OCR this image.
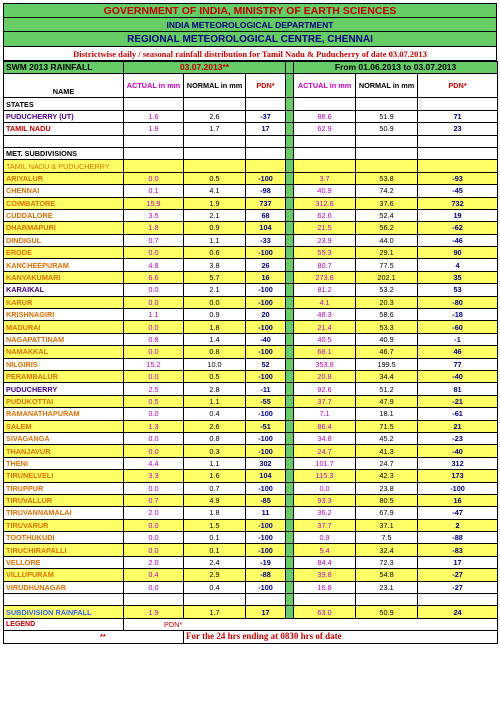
GOVERNMENT OF INDIA, MINISTRY OF EARTH SCIENCES
INDIA METEOROLOGICAL DEPARTMENT
REGIONAL METEOROLOGICAL CENTRE, CHENNAI
Districtwise daily / seasonal rainfall distribution for Tamil Nadu & Puducherry of date 03.07.2013
SWM 2013 RAINFALL	03.07.2013**				From 01.06.2013 to 03.07.2013		
NAME	ACTUAL in mm	NORMAL in mm	PDN*		ACTUAL in mm	NORMAL in mm	PDN*
STATES							
PUDUCHERRY (UT)	1.6	2.6	-37		88.6	51.9	71
TAMIL NADU	1.9	1.7	17		62.9	50.9	23

MET. SUBDIVISIONS							
TAMIL NADU & PUDUCHERRY							
ARIYALUR	0.0	0.5	-100		3.7	53.8	-93
CHENNAI	0.1	4.1	-98		40.9	74.2	-45
COIMBATORE	15.9	1.9	737		312.8	37.6	732
CUDDALORE	3.5	2.1	68		62.6	52.4	19
DHARMAPURI	1.8	0.9	104		21.5	56.2	-62
DINDIGUL	0.7	1.1	-33		23.9	44.0	-46
ERODE	0.0	0.6	-100		55.3	29.1	90
KANCHEEPURAM	4.8	3.8	26		80.7	77.5	4
KANYAKUMARI	6.6	5.7	16		273.8	202.1	35
KARAIKAL	0.0	2.1	-100		81.2	53.2	53
KARUR	0.0	0.0	-100		4.1	20.3	-80
KRISHNAGIRI	1.1	0.9	20		48.3	58.6	-18
MADURAI	0.0	1.8	-100		21.4	53.3	-60
NAGAPATTINAM	0.8	1.4	-40		40.5	40.9	-1
NAMAKKAL	0.0	0.8	-100		68.1	46.7	46
NILGIRIS	15.2	10.0	52		353.8	199.5	77
PERAMBALUR	0.0	0.5	-100		20.8	34.4	-40
PUDUCHERRY	2.5	2.8	-11		92.6	51.2	81
PUDUKOTTAI	0.5	1.1	-55		37.7	47.9	-21
RAMANATHAPURAM	0.0	0.4	-100		7.1	18.1	-61
SALEM	1.3	2.6	-51		86.4	71.5	21
SIVAGANGA	0.0	0.8	-100		34.8	45.2	-23
THANJAVUR	0.0	0.3	-100		24.7	41.3	-40
THENI	4.4	1.1	302		101.7	24.7	312
TIRUNELVELI	3.3	1.6	104		115.3	42.3	173
TIRUPPUR	0.0	0.7	-100		0.0	23.8	-100
TIRUVALLUR	0.7	4.9	-85		93.3	80.5	16
TIRUVANNAMALAI	2.0	1.8	11		36.2	67.9	-47
TIRUVARUR	0.0	1.5	-100		37.7	37.1	2
TOOTHUKUDI	0.0	0.1	-100		0.9	7.5	-88
TIRUCHIRAPALLI	0.0	0.1	-100		5.4	32.4	-83
VELLORE	2.0	2.4	-19		84.4	72.3	17
VILLUPURAM	0.4	2.9	-88		39.8	54.8	-27
VIRUDHUNAGAR	0.0	0.4	-100		16.8	23.1	-27

SUBDIVISION RAINFALL	1.9	1.7	17		63.0	50.9	24
LEGEND	PDN*						
**		For the 24 hrs ending at 0830 hrs of date					
